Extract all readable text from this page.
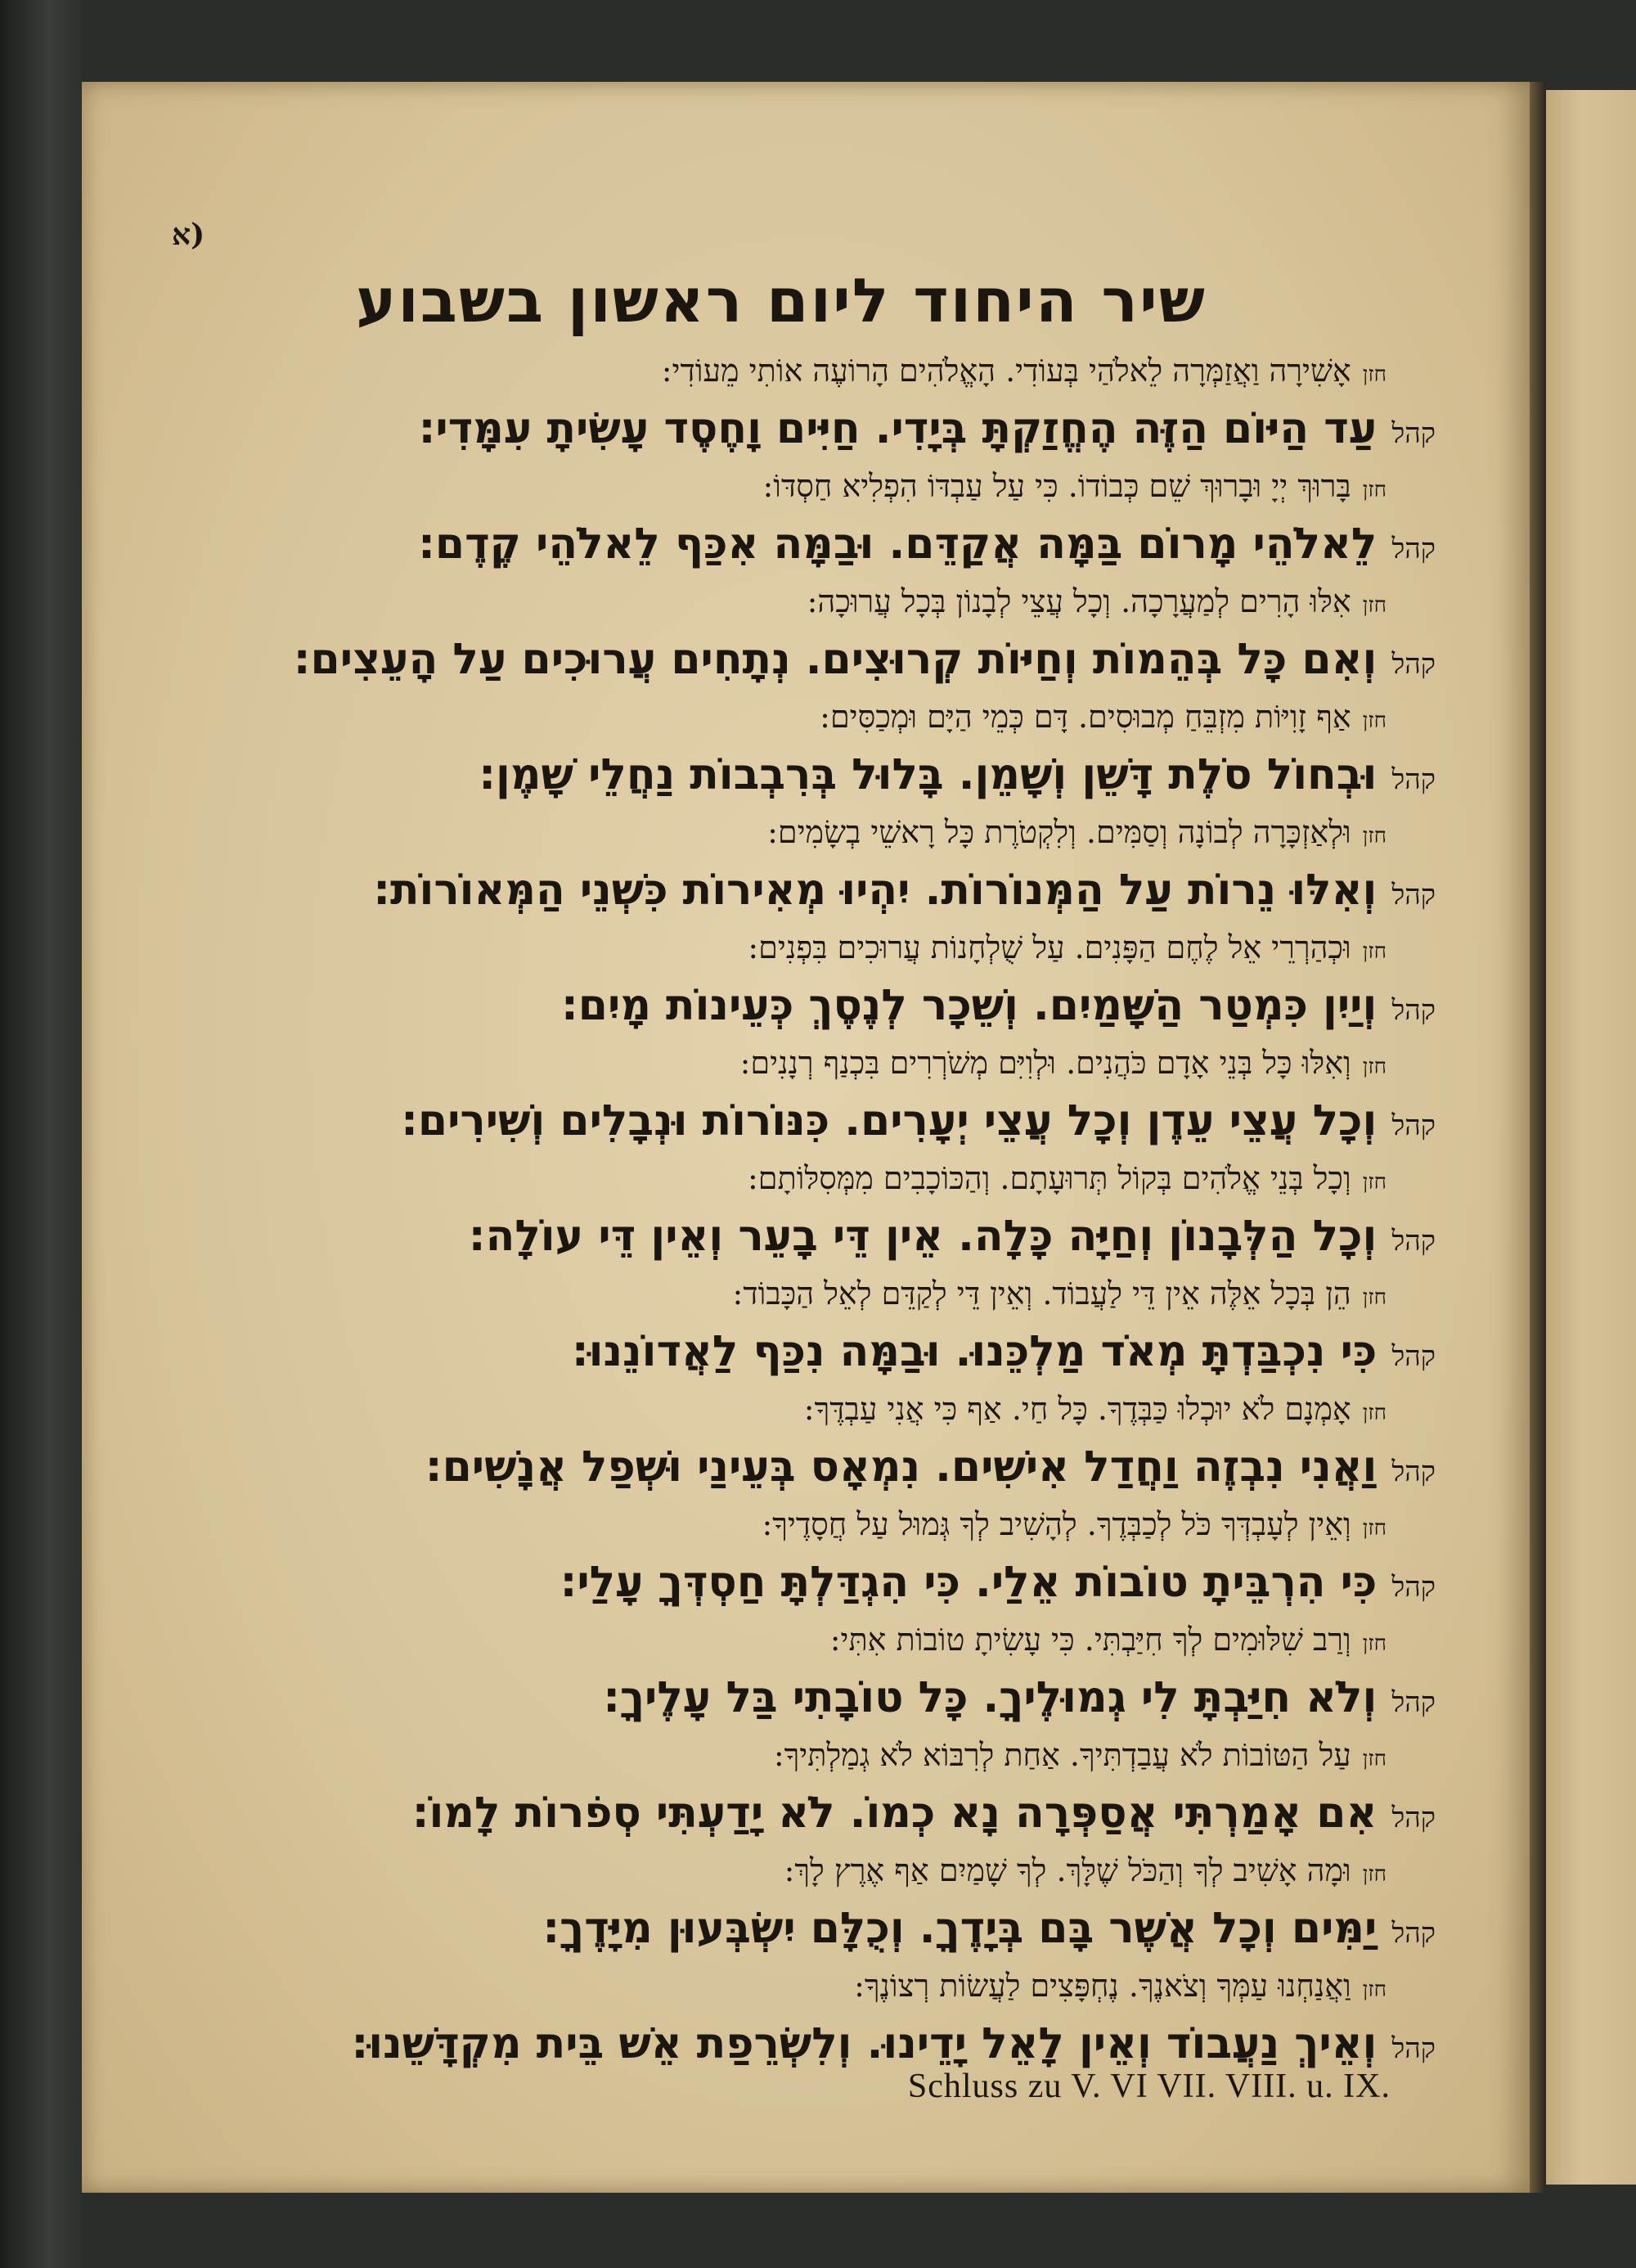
(א
שיר היחוד ליום ראשון בשבוע
חזןאָשִׁירָה וַאֲזַמְּרָה לֵאלֹהַי בְּעוֹדִי. הָאֱלֹהִים הָרוֹעֶה אוֹתִי מֵעוֹדִי:
קהלעַד הַיּוֹם הַזֶּה הֶחֱזַקְתָּ בְּיָדִי. חַיִּים וָחֶסֶד עָשִׂיתָ עִמָּדִי:
חזןבָּרוּךְ יְיָ וּבָרוּךְ שֵׁם כְּבוֹדוֹ. כִּי עַל עַבְדּוֹ הִפְלִיא חַסְדּוֹ:
קהללֵאלֹהֵי מָרוֹם בַּמָּה אֲקַדֵּם. וּבַמָּה אִכַּף לֵאלֹהֵי קֶדֶם:
חזןאִלּוּ הָרִים לְמַעֲרָכָה. וְכָל עֲצֵי לְבָנוֹן בְּכָל עֲרוּכָה:
קהלוְאִם כָּל בְּהֵמוֹת וְחַיּוֹת קְרוּצִים. נְתָחִים עֲרוּכִים עַל הָעֵצִים:
חזןאַף זָוִיּוֹת מִזְבֵּחַ מְבוּסִים. דָּם כְּמֵי הַיָּם וּמְכַסִּים:
קהלוּבְחוֹל סֹלֶת דָּשֵׁן וְשָׁמֵן. בָּלוּל בְּרִבְבוֹת נַחֲלֵי שָׁמֶן:
חזןוּלְאַזְכָּרָה לְבוֹנָה וְסַמִּים. וְלִקְטֹרֶת כָּל רָאשֵׁי בְשָׂמִים:
קהלוְאִלּוּ נֵרוֹת עַל הַמְּנוֹרוֹת. יִהְיוּ מְאִירוֹת כִּשְׁנֵי הַמְּאוֹרוֹת:
חזןוּכְהַרְרֵי אֵל לֶחֶם הַפָּנִים. עַל שֻׁלְחָנוֹת עֲרוּכִים בִּפְנִים:
קהלוְיַיִן כִּמְטַר הַשָּׁמַיִם. וְשֵׁכָר לְנֶסֶךְ כְּעֵינוֹת מָיִם:
חזןוְאִלּוּ כָּל בְּנֵי אָדָם כֹּהֲנִים. וּלְוִיִּם מְשֹׁרְרִים בִּכְנַף רְנָנִים:
קהלוְכָל עֲצֵי עֵדֶן וְכָל עֲצֵי יְעָרִים. כִּנּוֹרוֹת וּנְבָלִים וְשִׁירִים:
חזןוְכָל בְּנֵי אֱלֹהִים בְּקוֹל תְּרוּעָתָם. וְהַכּוֹכָבִים מִמְּסִלּוֹתָם:
קהלוְכָל הַלְּבָנוֹן וְחַיָּה כָּלָה. אֵין דֵּי בָעֵר וְאֵין דֵּי עוֹלָה:
חזןהֵן בְּכָל אֵלֶּה אֵין דֵּי לַעֲבוֹד. וְאֵין דֵּי לְקַדֵּם לְאֵל הַכָּבוֹד:
קהלכִּי נִכְבַּדְתָּ מְאֹד מַלְכֵּנוּ. וּבַמָּה נִכַּף לַאֲדוֹנֵנוּ:
חזןאָמְנָם לֹא יוּכְלוּ כַּבְּדֶךָ. כָּל חַי. אַף כִּי אֲנִי עַבְדֶּךָ:
קהלוַאֲנִי נִבְזֶה וַחֲדַל אִישִׁים. נִמְאָס בְּעֵינַי וּשְׁפַל אֲנָשִׁים:
חזןוְאֵין לְעָבְדְּךָ כֹּל לְכַבְּדֶךָ. לְהָשִׁיב לְךָ גְּמוּל עַל חֲסָדֶיךָ:
קהלכִּי הִרְבֵּיתָ טוֹבוֹת אֵלַי. כִּי הִגְדַּלְתָּ חַסְדְּךָ עָלַי:
חזןוְרַב שִׁלּוּמִים לְךָ חִיַּבְתִּי. כִּי עָשִׂיתָ טוֹבוֹת אִתִּי:
קהלוְלֹא חִיַּבְתָּ לִי גְמוּלֶיךָ. כָּל טוֹבָתִי בַּל עָלֶיךָ:
חזןעַל הַטּוֹבוֹת לֹא עֲבַדְתִּיךָ. אַחַת לְרִבּוֹא לֹא גְמַלְתִּיךָ:
קהלאִם אָמַרְתִּי אֲסַפְּרָה נָא כְמוֹ. לֹא יָדַעְתִּי סְפֹרוֹת לָמוֹ:
חזןוּמָה אָשִׁיב לְךָ וְהַכֹּל שֶׁלָּךְ. לְךָ שָׁמַיִם אַף אֶרֶץ לָךְ:
קהליַמִּים וְכָל אֲשֶׁר בָּם בְּיָדֶךָ. וְכֻלָּם יִשְׂבְּעוּן מִיָּדֶךָ:
חזןוַאֲנַחְנוּ עַמְּךָ וְצֹאנֶךָ. נֶחְפָּצִים לַעֲשׂוֹת רְצוֹנֶךָ:
קהלוְאֵיךְ נַעֲבוֹד וְאֵין לָאֵל יָדֵינוּ. וְלִשְׂרֵפַת אֵשׁ בֵּית מִקְדָּשֵׁנוּ:
Schluss zu V. VI VII. VIII. u. IX.
